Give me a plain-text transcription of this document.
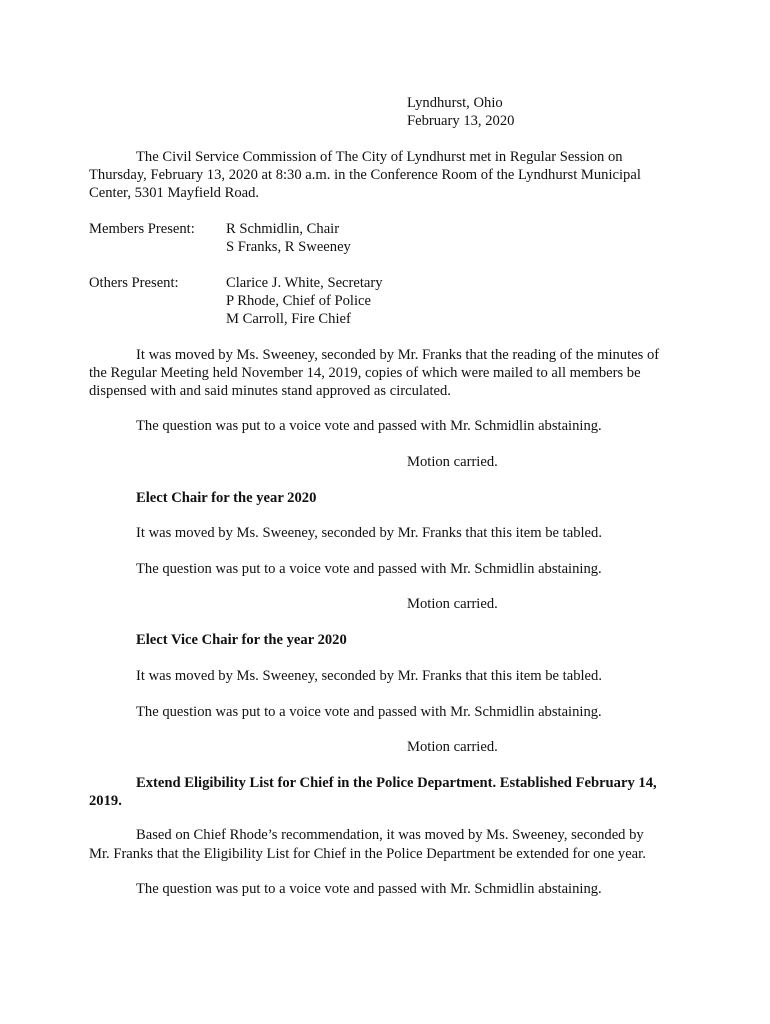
Lyndhurst, Ohio
February 13, 2020
The Civil Service Commission of The City of Lyndhurst met in Regular Session on
Thursday, February 13, 2020 at 8:30 a.m. in the Conference Room of the Lyndhurst Municipal
Center, 5301 Mayfield Road.
Members Present: R Schmidlin, Chair
S Franks, R Sweeney
Others Present:	Clarice J. White, Secretary
P Rhode, Chief of Police
M Carroll, Fire Chief
It was moved by Ms. Sweeney, seconded by Mr. Franks that the reading of the minutes of
the Regular Meeting held November 14, 2019, copies of which were mailed to all members be
dispensed with and said minutes stand approved as circulated.
The question was put to a voice vote and passed with Mr. Schmidlin abstaining.
Motion carried.
Elect Chair for the year 2020
It was moved by Ms. Sweeney, seconded by Mr. Franks that this item be tabled.
The question was put to a voice vote and passed with Mr. Schmidlin abstaining.
Motion carried.
Elect Vice Chair for the year 2020
It was moved by Ms. Sweeney, seconded by Mr. Franks that this item be tabled.
The question was put to a voice vote and passed with Mr. Schmidlin abstaining.
Motion carried.
Extend Eligibility List for Chief in the Police Department. Established February 14,
2019.
Based on Chief Rhode’s recommendation, it was moved by Ms. Sweeney, seconded by
Mr. Franks that the Eligibility List for Chief in the Police Department be extended for one year.
The question was put to a voice vote and passed with Mr. Schmidlin abstaining.
